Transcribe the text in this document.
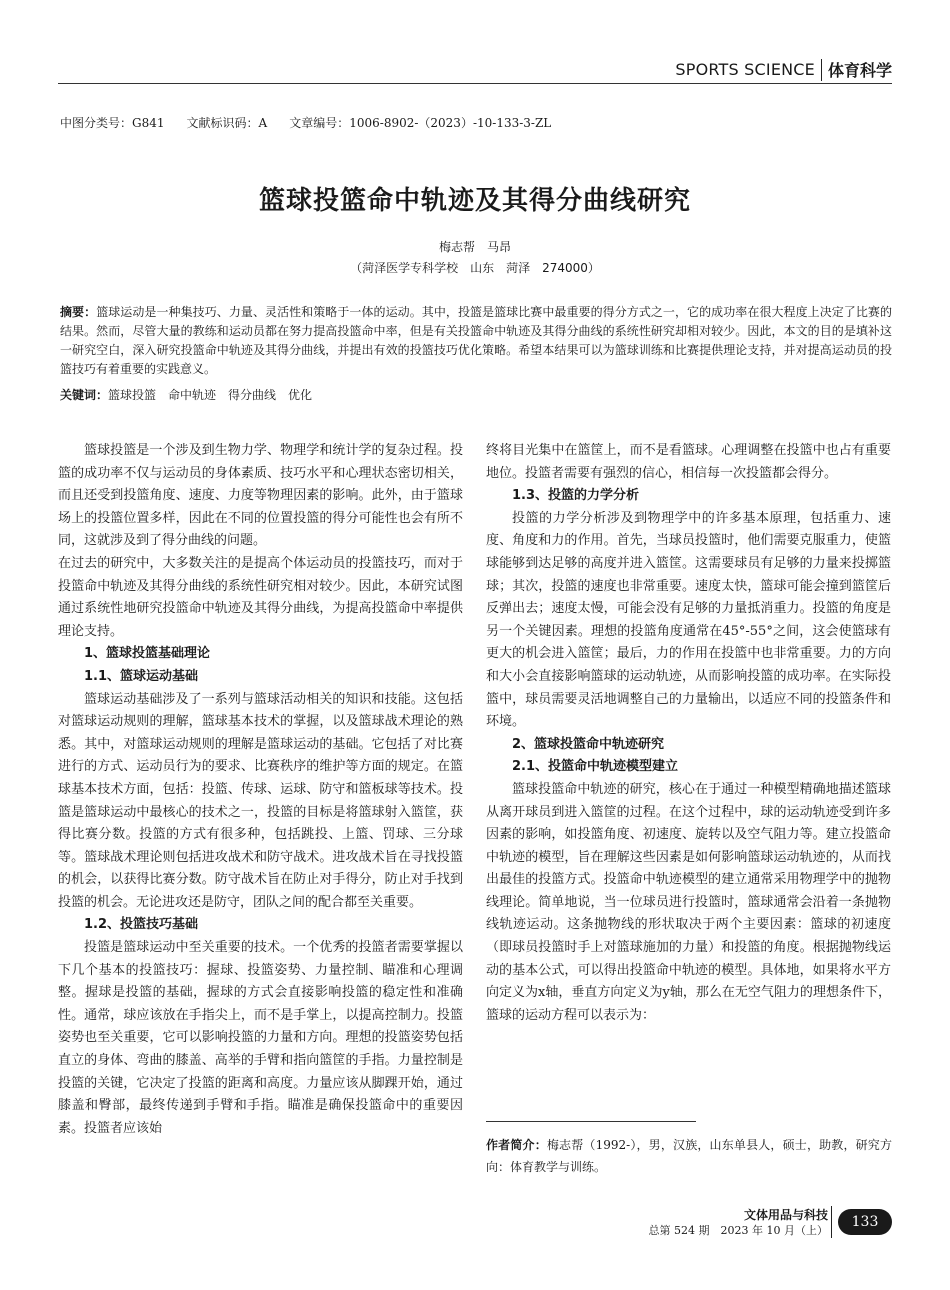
SPORTS SCIENCE 体育科学
中图分类号：G841 文献标识码：A 文章编号：1006-8902-（2023）-10-133-3-ZL
篮球投篮命中轨迹及其得分曲线研究
梅志帮　马昂
（菏泽医学专科学校　山东　菏泽　274000）
摘要：篮球运动是一种集技巧、力量、灵活性和策略于一体的运动。其中，投篮是篮球比赛中最重要的得分方式之一，它的成功率在很大程度上决定了比赛的结果。然而，尽管大量的教练和运动员都在努力提高投篮命中率，但是有关投篮命中轨迹及其得分曲线的系统性研究却相对较少。因此，本文的目的是填补这一研究空白，深入研究投篮命中轨迹及其得分曲线，并提出有效的投篮技巧优化策略。希望本结果可以为篮球训练和比赛提供理论支持，并对提高运动员的投篮技巧有着重要的实践意义。
关键词：篮球投篮　命中轨迹　得分曲线　优化

篮球投篮是一个涉及到生物力学、物理学和统计学的复杂过程。投篮的成功率不仅与运动员的身体素质、技巧水平和心理状态密切相关，而且还受到投篮角度、速度、力度等物理因素的影响。此外，由于篮球场上的投篮位置多样，因此在不同的位置投篮的得分可能性也会有所不同，这就涉及到了得分曲线的问题。

在过去的研究中，大多数关注的是提高个体运动员的投篮技巧，而对于投篮命中轨迹及其得分曲线的系统性研究相对较少。因此，本研究试图通过系统性地研究投篮命中轨迹及其得分曲线，为提高投篮命中率提供理论支持。

1、篮球投篮基础理论
1.1、篮球运动基础

篮球运动基础涉及了一系列与篮球活动相关的知识和技能。这包括对篮球运动规则的理解，篮球基本技术的掌握，以及篮球战术理论的熟悉。其中，对篮球运动规则的理解是篮球运动的基础。它包括了对比赛进行的方式、运动员行为的要求、比赛秩序的维护等方面的规定。在篮球基本技术方面，包括：投篮、传球、运球、防守和篮板球等技术。投篮是篮球运动中最核心的技术之一，投篮的目标是将篮球射入篮筐，获得比赛分数。投篮的方式有很多种，包括跳投、上篮、罚球、三分球等。篮球战术理论则包括进攻战术和防守战术。进攻战术旨在寻找投篮的机会，以获得比赛分数。防守战术旨在防止对手得分，防止对手找到投篮的机会。无论进攻还是防守，团队之间的配合都至关重要。

1.2、投篮技巧基础

投篮是篮球运动中至关重要的技术。一个优秀的投篮者需要掌握以下几个基本的投篮技巧：握球、投篮姿势、力量控制、瞄准和心理调整。握球是投篮的基础，握球的方式会直接影响投篮的稳定性和准确性。通常，球应该放在手指尖上，而不是手掌上，以提高控制力。投篮姿势也至关重要，它可以影响投篮的力量和方向。理想的投篮姿势包括直立的身体、弯曲的膝盖、高举的手臂和指向篮筐的手指。力量控制是投篮的关键，它决定了投篮的距离和高度。力量应该从脚踝开始，通过膝盖和臀部，最终传递到手臂和手指。瞄准是确保投篮命中的重要因素。投篮者应该始

终将目光集中在篮筐上，而不是看篮球。心理调整在投篮中也占有重要地位。投篮者需要有强烈的信心，相信每一次投篮都会得分。

1.3、投篮的力学分析

投篮的力学分析涉及到物理学中的许多基本原理，包括重力、速度、角度和力的作用。首先，当球员投篮时，他们需要克服重力，使篮球能够到达足够的高度并进入篮筐。这需要球员有足够的力量来投掷篮球；其次，投篮的速度也非常重要。速度太快，篮球可能会撞到篮筐后反弹出去；速度太慢，可能会没有足够的力量抵消重力。投篮的角度是另一个关键因素。理想的投篮角度通常在45°-55°之间，这会使篮球有更大的机会进入篮筐；最后，力的作用在投篮中也非常重要。力的方向和大小会直接影响篮球的运动轨迹，从而影响投篮的成功率。在实际投篮中，球员需要灵活地调整自己的力量输出，以适应不同的投篮条件和环境。

2、篮球投篮命中轨迹研究
2.1、投篮命中轨迹模型建立

篮球投篮命中轨迹的研究，核心在于通过一种模型精确地描述篮球从离开球员到进入篮筐的过程。在这个过程中，球的运动轨迹受到许多因素的影响，如投篮角度、初速度、旋转以及空气阻力等。建立投篮命中轨迹的模型，旨在理解这些因素是如何影响篮球运动轨迹的，从而找出最佳的投篮方式。投篮命中轨迹模型的建立通常采用物理学中的抛物线理论。简单地说，当一位球员进行投篮时，篮球通常会沿着一条抛物线轨迹运动。这条抛物线的形状取决于两个主要因素：篮球的初速度（即球员投篮时手上对篮球施加的力量）和投篮的角度。根据抛物线运动的基本公式，可以得出投篮命中轨迹的模型。具体地，如果将水平方向定义为x轴，垂直方向定义为y轴，那么在无空气阻力的理想条件下，篮球的运动方程可以表示为：

作者简介：梅志帮（1992-），男，汉族，山东单县人，硕士，助教，研究方向：体育教学与训练。
文体用品与科技
总第 524 期　2023 年 10 月（上）
133
